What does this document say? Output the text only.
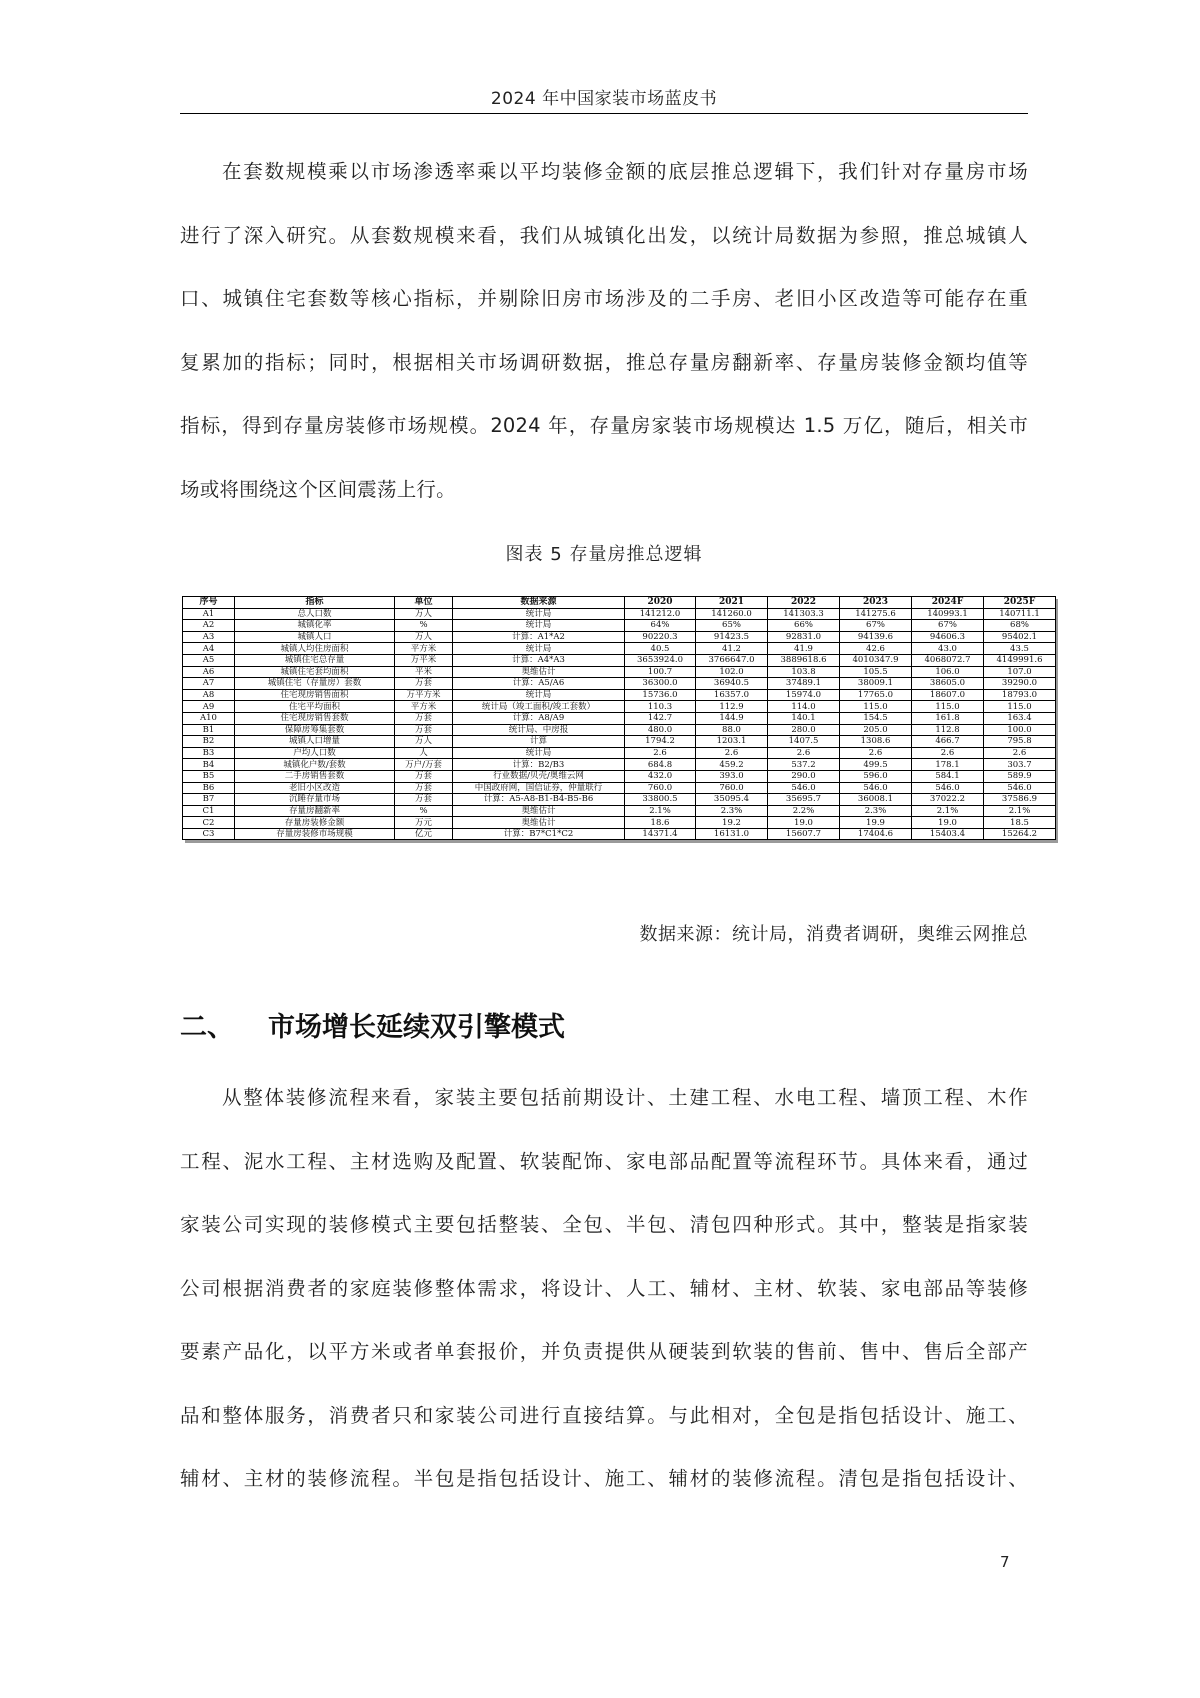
2024 年中国家装市场蓝皮书
在套数规模乘以市场渗透率乘以平均装修金额的底层推总逻辑下，我们针对存量房市场
进行了深入研究。从套数规模来看，我们从城镇化出发，以统计局数据为参照，推总城镇人
口、城镇住宅套数等核心指标，并剔除旧房市场涉及的二手房、老旧小区改造等可能存在重
复累加的指标；同时，根据相关市场调研数据，推总存量房翻新率、存量房装修金额均值等
指标，得到存量房装修市场规模。2024 年，存量房家装市场规模达 1.5 万亿，随后，相关市
场或将围绕这个区间震荡上行。
图表 5 存量房推总逻辑
序号	指标	单位	数据来源	2020	2021	2022	2023	2024F	2025F
A1	总人口数	万人	统计局	141212.0	141260.0	141303.3	141275.6	140993.1	140711.1
A2	城镇化率	%	统计局	64%	65%	66%	67%	67%	68%
A3	城镇人口	万人	计算：A1*A2	90220.3	91423.5	92831.0	94139.6	94606.3	95402.1
A4	城镇人均住房面积	平方米	统计局	40.5	41.2	41.9	42.6	43.0	43.5
A5	城镇住宅总存量	万平米	计算：A4*A3	3653924.0	3766647.0	3889618.6	4010347.9	4068072.7	4149991.6
A6	城镇住宅套均面积	平米	奥维估计	100.7	102.0	103.8	105.5	106.0	107.0
A7	城镇住宅（存量房）套数	万套	计算：A5/A6	36300.0	36940.5	37489.1	38009.1	38605.0	39290.0
A8	住宅现房销售面积	万平方米	统计局	15736.0	16357.0	15974.0	17765.0	18607.0	18793.0
A9	住宅平均面积	平方米	统计局（竣工面积/竣工套数）	110.3	112.9	114.0	115.0	115.0	115.0
A10	住宅现房销售套数	万套	计算：A8/A9	142.7	144.9	140.1	154.5	161.8	163.4
B1	保障房筹集套数	万套	统计局、中房报	480.0	88.0	280.0	205.0	112.8	100.0
B2	城镇人口增量	万人	计算	1794.2	1203.1	1407.5	1308.6	466.7	795.8
B3	户均人口数	人	统计局	2.6	2.6	2.6	2.6	2.6	2.6
B4	城镇化户数/套数	万户/万套	计算：B2/B3	684.8	459.2	537.2	499.5	178.1	303.7
B5	二手房销售套数	万套	行业数据/贝壳/奥维云网	432.0	393.0	290.0	596.0	584.1	589.9
B6	老旧小区改造	万套	中国政府网，国信证券，仲量联行	760.0	760.0	546.0	546.0	546.0	546.0
B7	沉睡存量市场	万套	计算：A5-A8-B1-B4-B5-B6	33800.5	35095.4	35695.7	36008.1	37022.2	37586.9
C1	存量房翻新率	%	奥维估计	2.1%	2.3%	2.2%	2.3%	2.1%	2.1%
C2	存量房装修金额	万元	奥维估计	18.6	19.2	19.0	19.9	19.0	18.5
C3	存量房装修市场规模	亿元	计算：B7*C1*C2	14371.4	16131.0	15607.7	17404.6	15403.4	15264.2
数据来源：统计局，消费者调研，奥维云网推总
二、 市场增长延续双引擎模式
从整体装修流程来看，家装主要包括前期设计、土建工程、水电工程、墙顶工程、木作
工程、泥水工程、主材选购及配置、软装配饰、家电部品配置等流程环节。具体来看，通过
家装公司实现的装修模式主要包括整装、全包、半包、清包四种形式。其中，整装是指家装
公司根据消费者的家庭装修整体需求，将设计、人工、辅材、主材、软装、家电部品等装修
要素产品化，以平方米或者单套报价，并负责提供从硬装到软装的售前、售中、售后全部产
品和整体服务，消费者只和家装公司进行直接结算。与此相对，全包是指包括设计、施工、
辅材、主材的装修流程。半包是指包括设计、施工、辅材的装修流程。清包是指包括设计、
7
